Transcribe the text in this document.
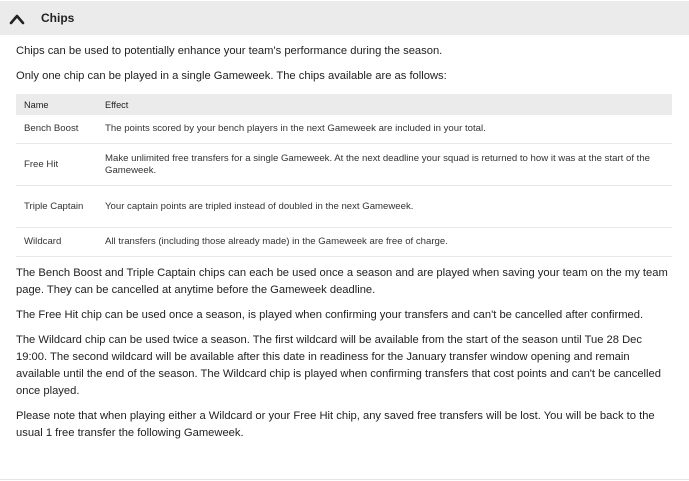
Chips

Chips can be used to potentially enhance your team's performance during the season.

Only one chip can be played in a single Gameweek. The chips available are as follows:

Name	Effect
Bench Boost	The points scored by your bench players in the next Gameweek are included in your total.
Free Hit	Make unlimited free transfers for a single Gameweek. At the next deadline your squad is returned to how it was at the start of the Gameweek.
Triple Captain	Your captain points are tripled instead of doubled in the next Gameweek.
Wildcard	All transfers (including those already made) in the Gameweek are free of charge.

The Bench Boost and Triple Captain chips can each be used once a season and are played when saving your team on the my team page. They can be cancelled at anytime before the Gameweek deadline.

The Free Hit chip can be used once a season, is played when confirming your transfers and can't be cancelled after confirmed.

The Wildcard chip can be used twice a season. The first wildcard will be available from the start of the season until Tue 28 Dec 19:00. The second wildcard will be available after this date in readiness for the January transfer window opening and remain available until the end of the season. The Wildcard chip is played when confirming transfers that cost points and can't be cancelled once played.

Please note that when playing either a Wildcard or your Free Hit chip, any saved free transfers will be lost. You will be back to the usual 1 free transfer the following Gameweek.
